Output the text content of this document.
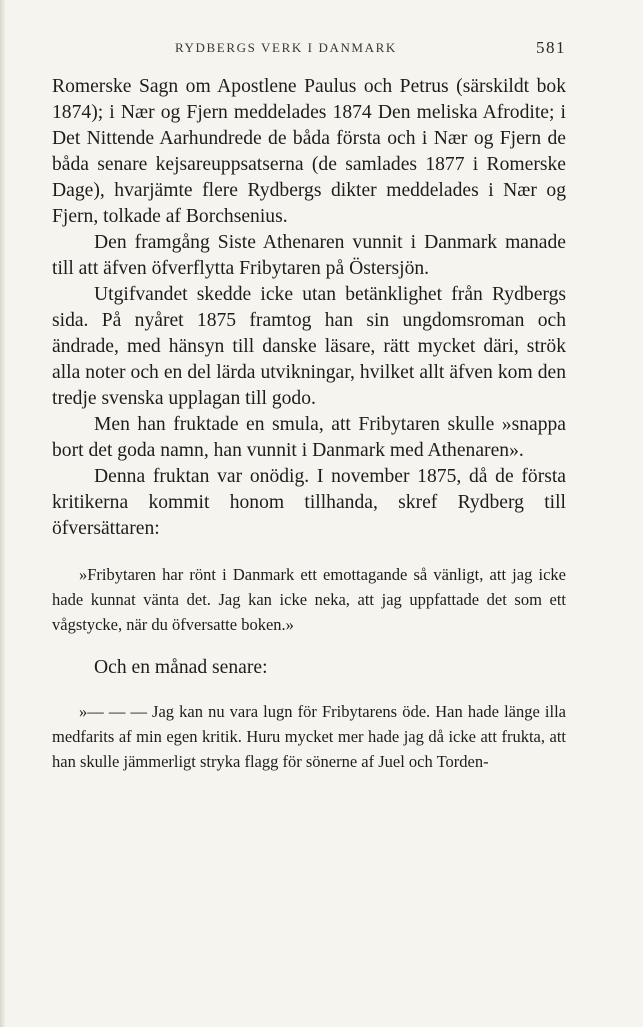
RYDBERGS VERK I DANMARK	581

Romerske Sagn om Apostlene Paulus och Petrus (särskildt bok 1874); i Nær og Fjern meddelades 1874 Den meliska Afrodite; i Det Nittende Aarhundrede de båda första och i Nær og Fjern de båda senare kejsareuppsatserna (de samlades 1877 i Romerske Dage), hvarjämte flere Rydbergs dikter meddelades i Nær og Fjern, tolkade af Borchsenius.

Den framgång Siste Athenaren vunnit i Danmark manade till att äfven öfverflytta Fribytaren på Östersjön.

Utgifvandet skedde icke utan betänklighet från Rydbergs sida. På nyåret 1875 framtog han sin ungdomsroman och ändrade, med hänsyn till danske läsare, rätt mycket däri, strök alla noter och en del lärda utvikningar, hvilket allt äfven kom den tredje svenska upplagan till godo.

Men han fruktade en smula, att Fribytaren skulle »snappa bort det goda namn, han vunnit i Danmark med Athenaren».

Denna fruktan var onödig. I november 1875, då de första kritikerna kommit honom tillhanda, skref Rydberg till öfversättaren:

»Fribytaren har rönt i Danmark ett emottagande så vänligt, att jag icke hade kunnat vänta det. Jag kan icke neka, att jag uppfattade det som ett vågstycke, när du öfversatte boken.»

Och en månad senare:

»— — — Jag kan nu vara lugn för Fribytarens öde. Han hade länge illa medfarits af min egen kritik. Huru mycket mer hade jag då icke att frukta, att han skulle jämmerligt stryka flagg för sönerne af Juel och Torden-
